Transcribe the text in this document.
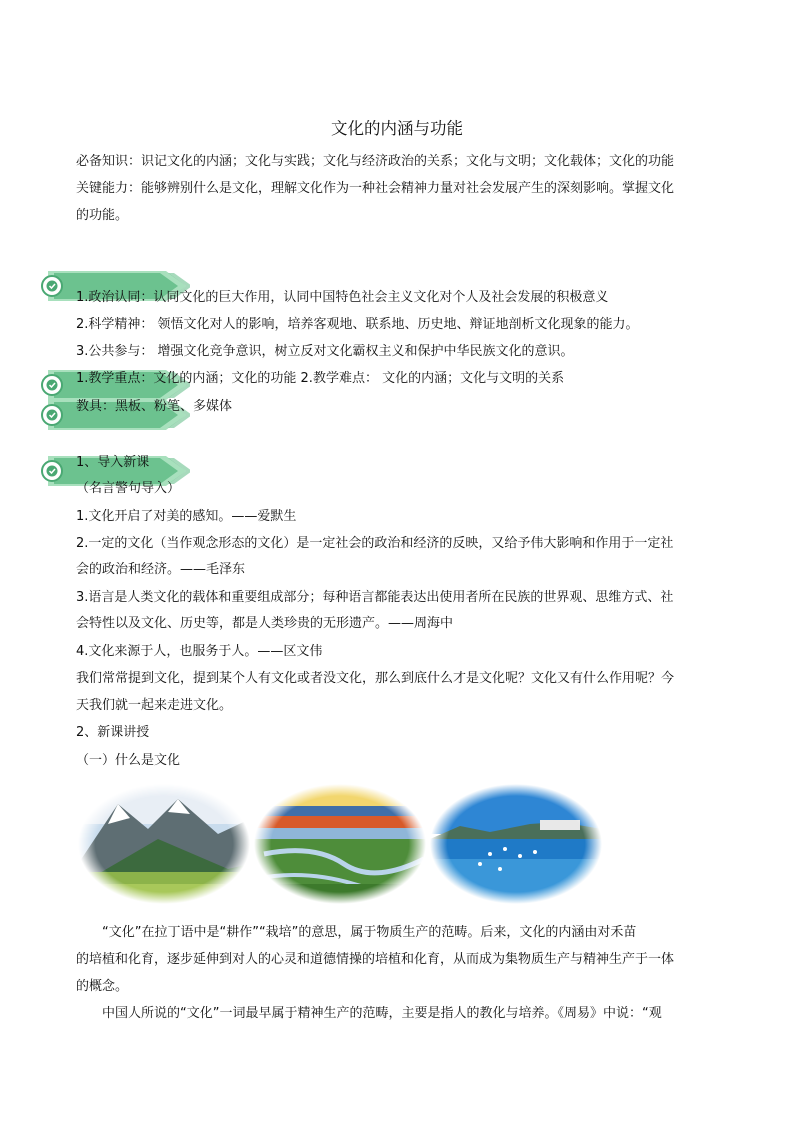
文化的内涵与功能
必备知识：识记文化的内涵；文化与实践；文化与经济政治的关系；文化与文明；文化载体；文化的功能
关键能力：能够辨别什么是文化，理解文化作为一种社会精神力量对社会发展产生的深刻影响。掌握文化
的功能。
1.政治认同：认同文化的巨大作用，认同中国特色社会主义文化对个人及社会发展的积极意义
2.科学精神： 领悟文化对人的影响，培养客观地、联系地、历史地、辩证地剖析文化现象的能力。
3.公共参与： 增强文化竞争意识，树立反对文化霸权主义和保护中华民族文化的意识。
1.教学重点：文化的内涵；文化的功能 2.教学难点： 文化的内涵；文化与文明的关系
教具：黑板、粉笔、多媒体
1、导入新课
（名言警句导入）
1.文化开启了对美的感知。——爱默生
2.一定的文化（当作观念形态的文化）是一定社会的政治和经济的反映，又给予伟大影响和作用于一定社
会的政治和经济。——毛泽东
3.语言是人类文化的载体和重要组成部分；每种语言都能表达出使用者所在民族的世界观、思维方式、社
会特性以及文化、历史等，都是人类珍贵的无形遗产。——周海中
4.文化来源于人，也服务于人。——区文伟
我们常常提到文化，提到某个人有文化或者没文化，那么到底什么才是文化呢？文化又有什么作用呢？今
天我们就一起来走进文化。
2、新课讲授
（一）什么是文化
“文化”在拉丁语中是“耕作”“栽培”的意思，属于物质生产的范畴。后来，文化的内涵由对禾苗
的培植和化育，逐步延伸到对人的心灵和道德情操的培植和化育，从而成为集物质生产与精神生产于一体
的概念。
中国人所说的“文化”一词最早属于精神生产的范畴，主要是指人的教化与培养。《周易》中说：“观
